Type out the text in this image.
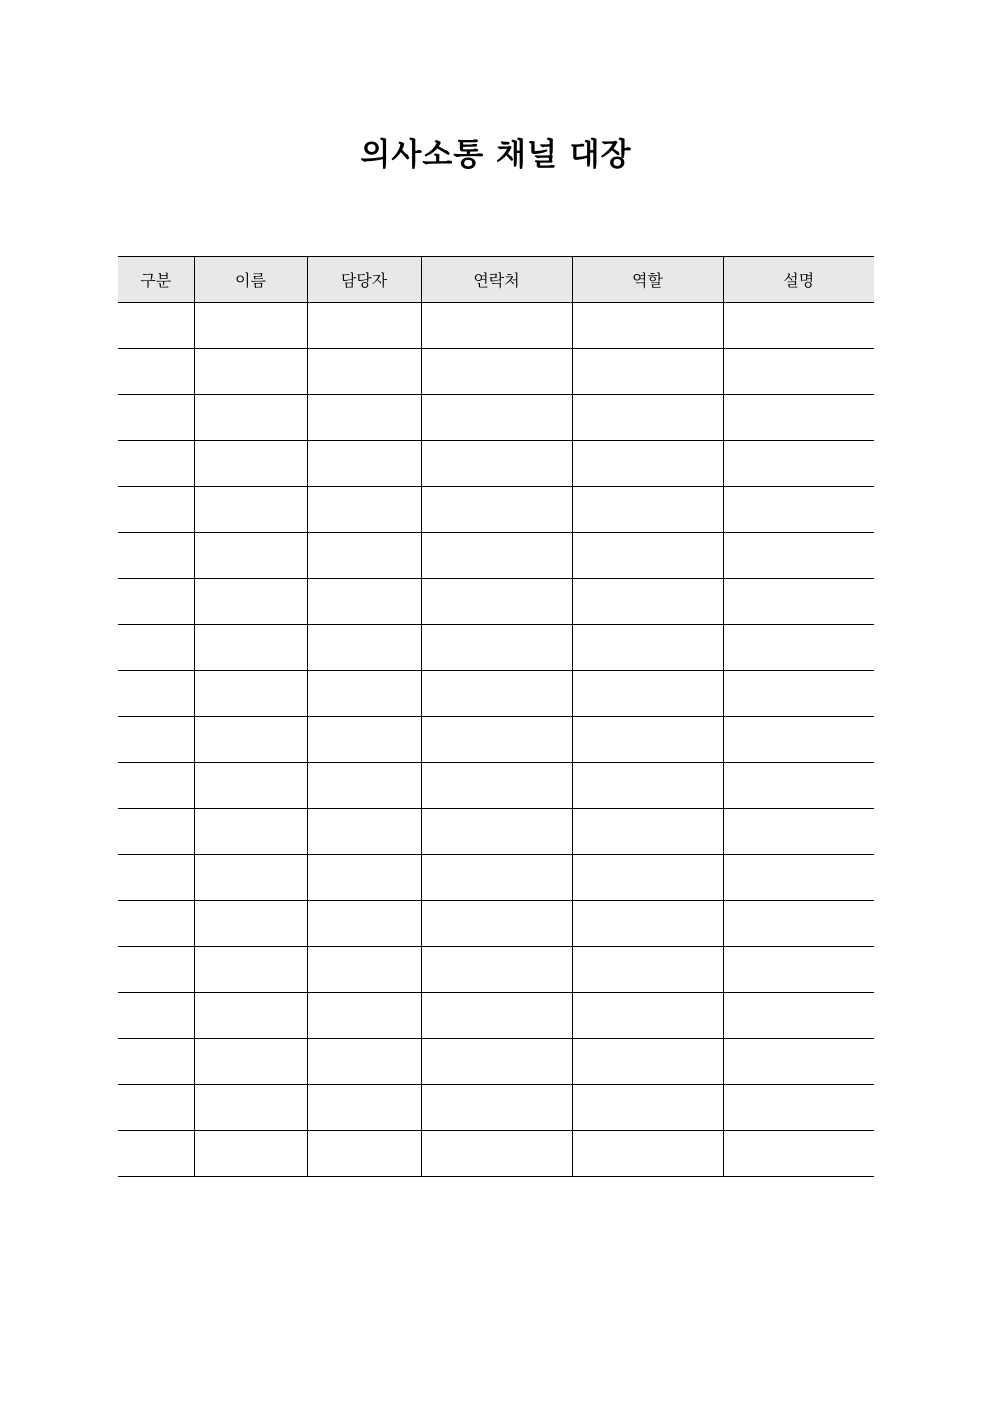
의사소통 채널 대장
구분	이름	담당자	연락처	역할	설명
